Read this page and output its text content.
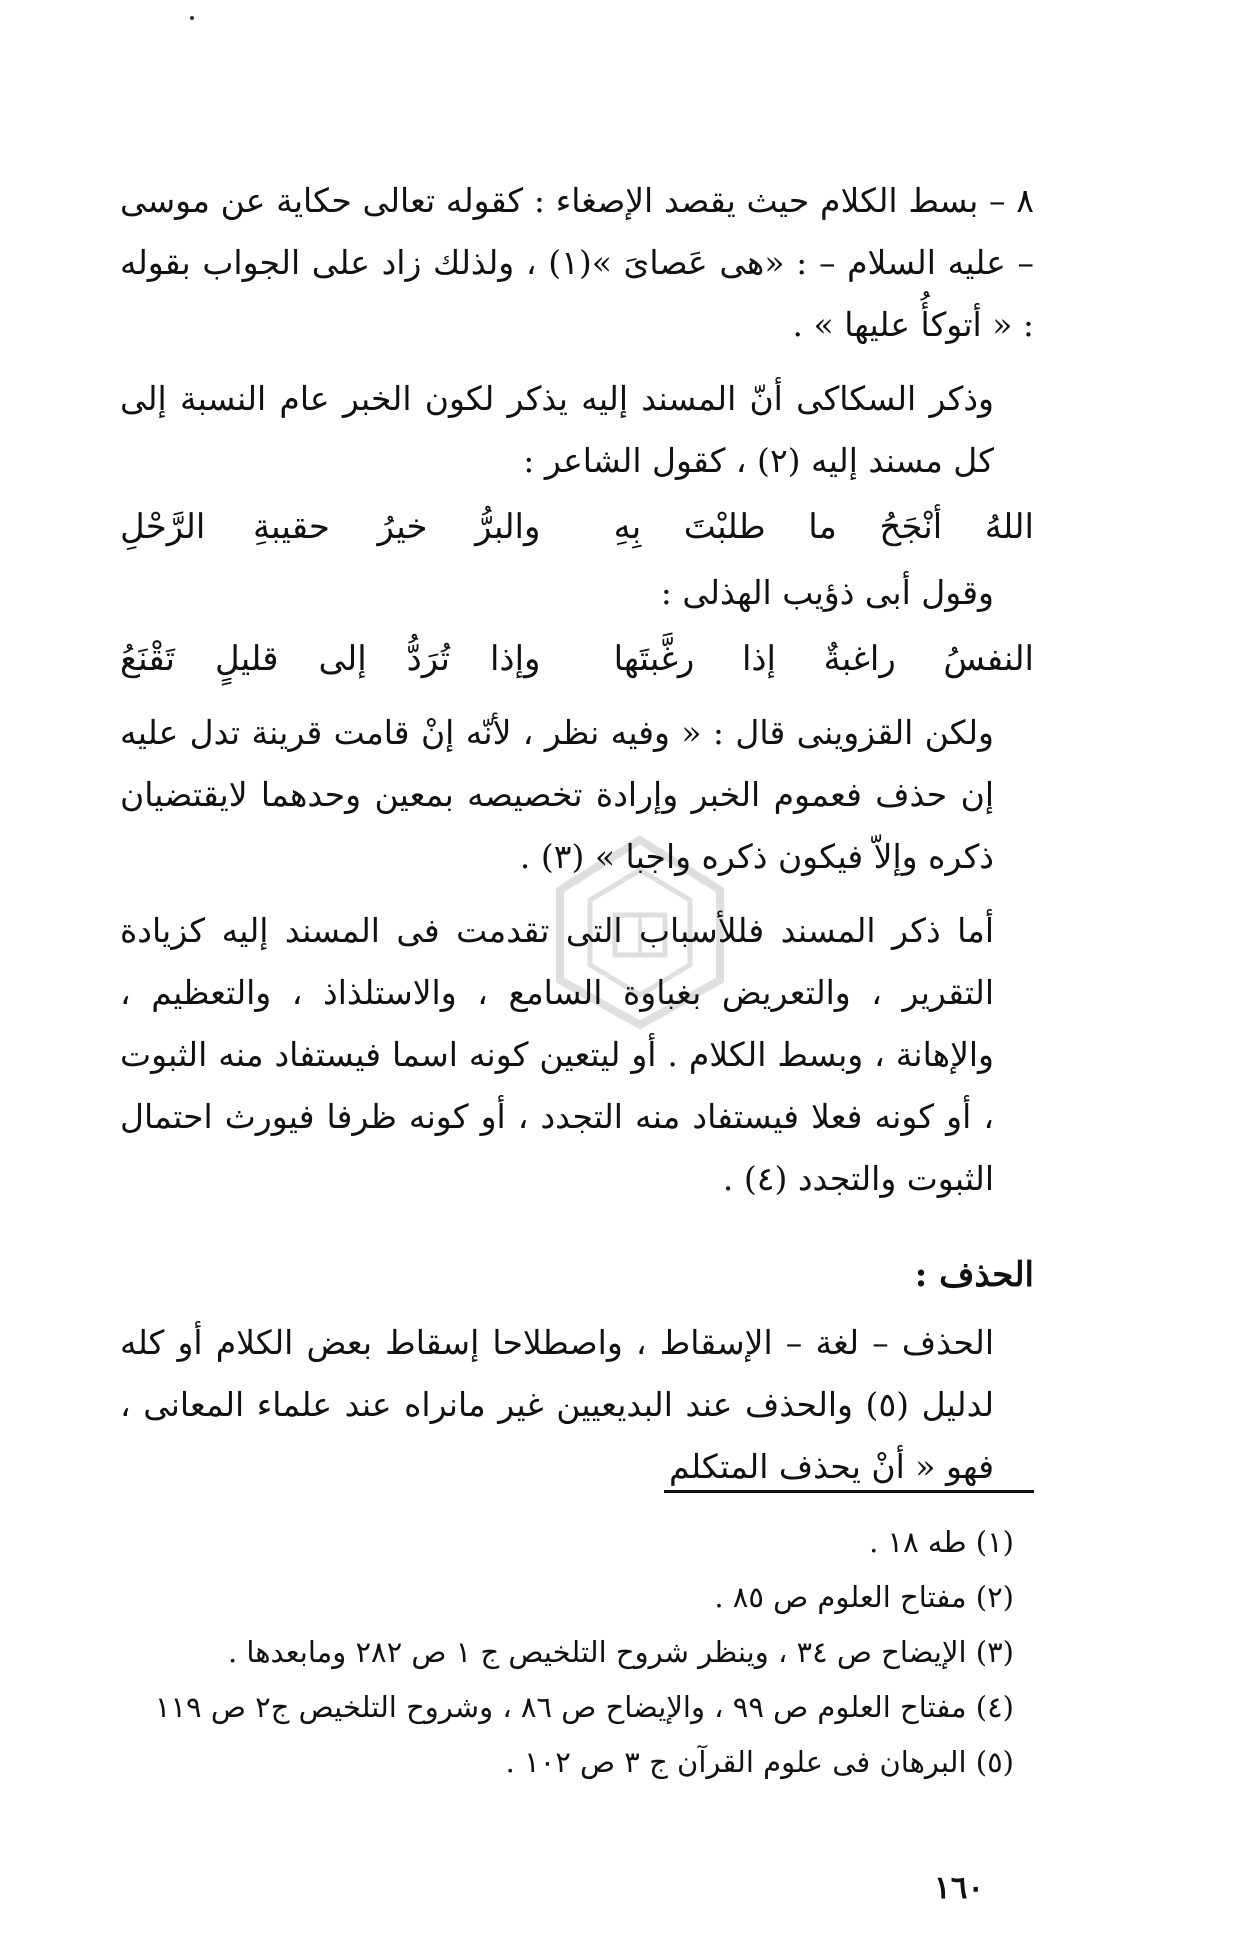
٨ – بسط الكلام حيث يقصد الإصغاء : كقوله تعالى حكاية عن موسى – عليه السلام – : «هى عَصاىَ »(١) ، ولذلك زاد على الجواب بقوله : « أتوكأُ عليها » .

وذكر السكاكى أنّ المسند إليه يذكر لكون الخبر عام النسبة إلى كل مسند إليه (٢) ، كقول الشاعر :

اللهُ أنْجَحُ ما طلبْتَ بِهِ
والبرُّ خيرُ حقيبةِ الرَّحْلِ

وقول أبى ذؤيب الهذلى :

النفسُ راغبةٌ إذا رغَّبتَها
وإذا تُرَدُّ إلى قليلٍ تَقْنَعُ

ولكن القزوينى قال : « وفيه نظر ، لأنّه إنْ قامت قرينة تدل عليه إن حذف فعموم الخبر وإرادة تخصيصه بمعين وحدهما لايقتضيان ذكره وإلاّ فيكون ذكره واجبا » (٣) .

أما ذكر المسند فللأسباب التى تقدمت فى المسند إليه كزيادة التقرير ، والتعريض بغباوة السامع ، والاستلذاذ ، والتعظيم ، والإهانة ، وبسط الكلام . أو ليتعين كونه اسما فيستفاد منه الثبوت ، أو كونه فعلا فيستفاد منه التجدد ، أو كونه ظرفا فيورث احتمال الثبوت والتجدد (٤) .

الحذف :

الحذف – لغة – الإسقاط ، واصطلاحا إسقاط بعض الكلام أو كله لدليل (٥) والحذف عند البديعيين غير مانراه عند علماء المعانى ، فهو « أنْ يحذف المتكلم

(١) طه ١٨ .
(٢) مفتاح العلوم ص ٨٥ .
(٣) الإيضاح ص ٣٤ ، وينظر شروح التلخيص ج ١ ص ٢٨٢ ومابعدها .
(٤) مفتاح العلوم ص ٩٩ ، والإيضاح ص ٨٦ ، وشروح التلخيص ج٢ ص ١١٩
(٥) البرهان فى علوم القرآن ج ٣ ص ١٠٢ .
١٦٠
